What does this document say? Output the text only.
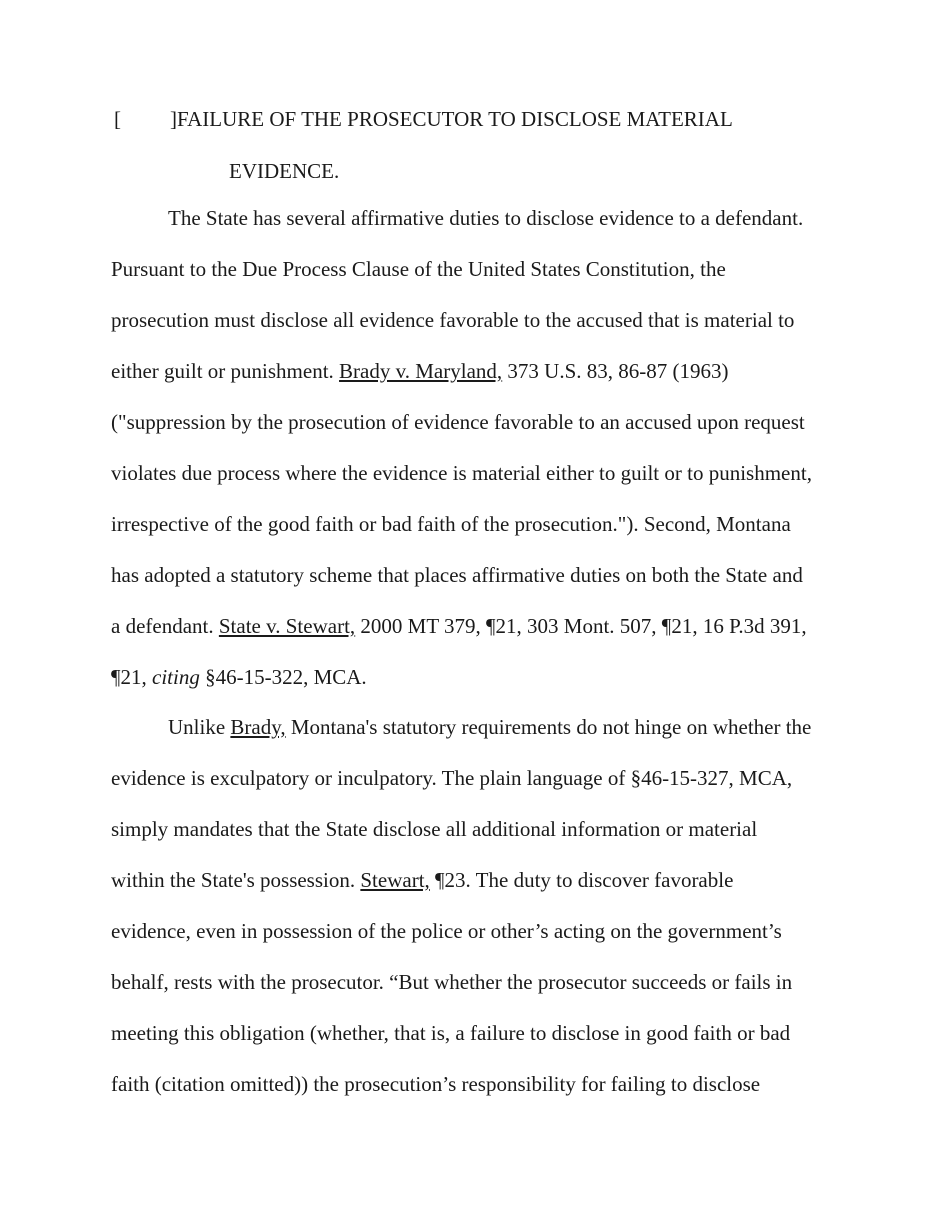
[ ]FAILURE OF THE PROSECUTOR TO DISCLOSE MATERIAL
EVIDENCE.
The State has several affirmative duties to disclose evidence to a defendant.
Pursuant to the Due Process Clause of the United States Constitution, the
prosecution must disclose all evidence favorable to the accused that is material to
either guilt or punishment. Brady v. Maryland, 373 U.S. 83, 86-87 (1963)
("suppression by the prosecution of evidence favorable to an accused upon request
violates due process where the evidence is material either to guilt or to punishment,
irrespective of the good faith or bad faith of the prosecution."). Second, Montana
has adopted a statutory scheme that places affirmative duties on both the State and
a defendant. State v. Stewart, 2000 MT 379, ¶21, 303 Mont. 507, ¶21, 16 P.3d 391,
¶21, citing §46-15-322, MCA.
Unlike Brady, Montana's statutory requirements do not hinge on whether the
evidence is exculpatory or inculpatory. The plain language of §46-15-327, MCA,
simply mandates that the State disclose all additional information or material
within the State's possession. Stewart, ¶23. The duty to discover favorable
evidence, even in possession of the police or other’s acting on the government’s
behalf, rests with the prosecutor. “But whether the prosecutor succeeds or fails in
meeting this obligation (whether, that is, a failure to disclose in good faith or bad
faith (citation omitted)) the prosecution’s responsibility for failing to disclose
